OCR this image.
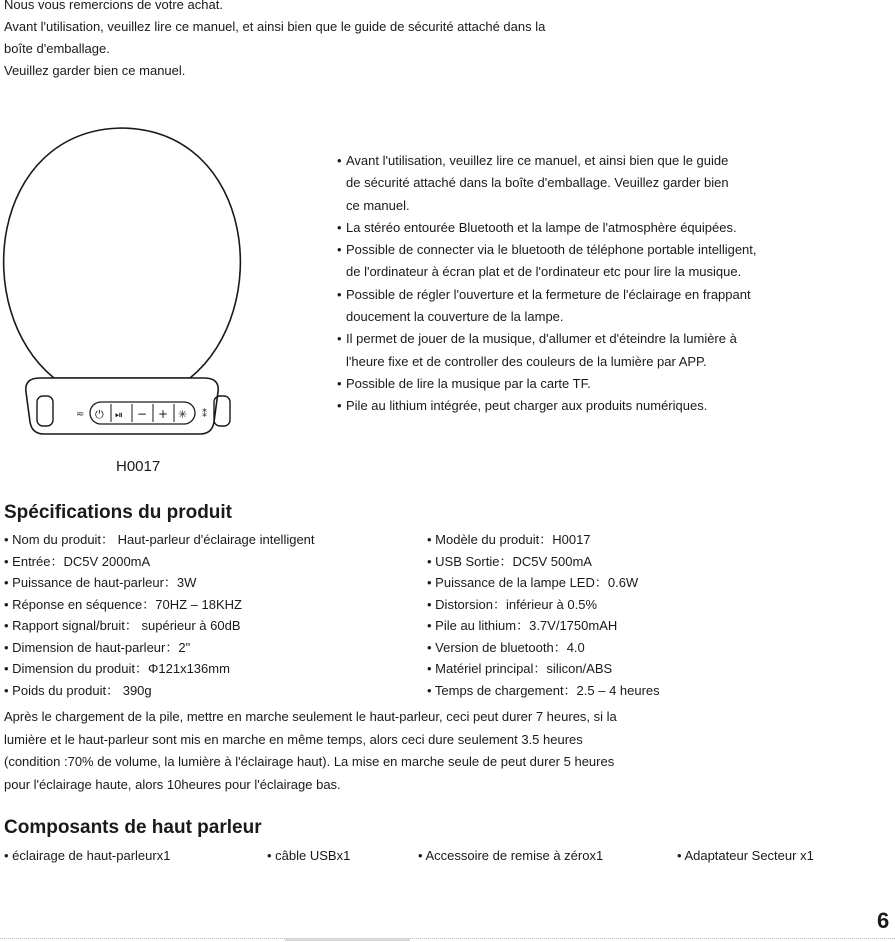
Nous vous remercions de votre achat.
Avant l'utilisation, veuillez lire ce manuel, et ainsi bien que le guide de sécurité attaché dans la
boîte d'emballage.
Veuillez garder bien ce manuel.
≂ ⏻ ⏯ − + ✳ ⁑
H0017
• Avant l'utilisation, veuillez lire ce manuel, et ainsi bien que le guide
de sécurité attaché dans la boîte d'emballage. Veuillez garder bien
ce manuel.
• La stéréo entourée Bluetooth et la lampe de l'atmosphère équipées.
• Possible de connecter via le bluetooth de téléphone portable intelligent,
de l'ordinateur à écran plat et de l'ordinateur etc pour lire la musique.
• Possible de régler l'ouverture et la fermeture de l'éclairage en frappant
doucement la couverture de la lampe.
• Il permet de jouer de la musique, d'allumer et d'éteindre la lumière à
l'heure fixe et de controller des couleurs de la lumière par APP.
• Possible de lire la musique par la carte TF.
• Pile au lithium intégrée, peut charger aux produits numériques.
Spécifications du produit
• Nom du produit： Haut-parleur d'éclairage intelligent
• Entrée：DC5V 2000mA
• Puissance de haut-parleur：3W
• Réponse en séquence：70HZ – 18KHZ
• Rapport signal/bruit： supérieur à 60dB
• Dimension de haut-parleur：2"
• Dimension du produit：Φ121x136mm
• Poids du produit： 390g
• Modèle du produit：H0017
• USB Sortie：DC5V 500mA
• Puissance de la lampe LED：0.6W
• Distorsion：inférieur à 0.5%
• Pile au lithium：3.7V/1750mAH
• Version de bluetooth：4.0
• Matériel principal：silicon/ABS
• Temps de chargement：2.5 – 4 heures
Après le chargement de la pile, mettre en marche seulement le haut-parleur, ceci peut durer 7 heures, si la
lumière et le haut-parleur sont mis en marche en même temps, alors ceci dure seulement 3.5 heures
(condition :70% de volume, la lumière à l'éclairage haut). La mise en marche seule de peut durer 5 heures
pour l'éclairage haute, alors 10heures pour l'éclairage bas.
Composants de haut parleur
• éclairage de haut-parleurx1	• câble USBx1	• Accessoire de remise à zérox1	• Adaptateur Secteur x1
6
